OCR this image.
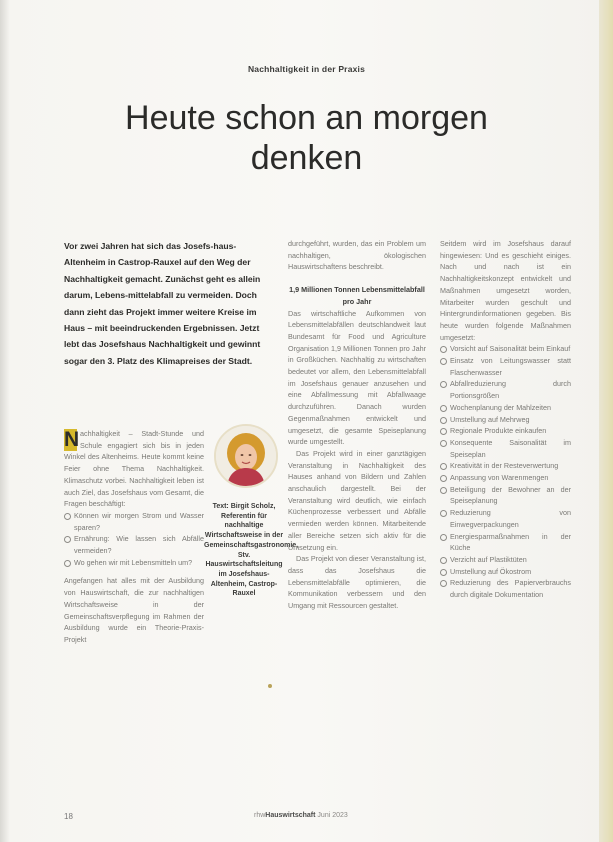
Nachhaltigkeit in der Praxis
Heute schon an morgen
denken
Vor zwei Jahren hat sich das Josefs-haus-Altenheim in Castrop-Rauxel auf den Weg der Nachhaltigkeit gemacht. Zunächst geht es allein darum, Lebens-mittelabfall zu vermeiden. Doch dann zieht das Projekt immer weitere Kreise im Haus – mit beeindruckenden Ergebnissen. Jetzt lebt das Josefshaus Nachhaltigkeit und gewinnt sogar den 3. Platz des Klimapreises der Stadt.

N achhaltigkeit – Stadt-Stunde und Schule engagiert sich bis in jeden Winkel des Altenheims. Heute kommt keine Feier ohne Thema Nachhaltigkeit. Klimaschutz vorbei. Nachhaltigkeit leben ist auch Ziel, das Josefshaus vom Gesamt, die Fragen beschäftigt:

Können wir morgen Strom und Wasser sparen?
Ernährung: Wie lassen sich Abfälle vermeiden?
Wo gehen wir mit Lebensmitteln um?

Angefangen hat alles mit der Ausbildung von Hauswirtschaft, die zur nachhaltigen Wirtschaftsweise in der Gemeinschaftsverpflegung im Rahmen der Ausbildung wurde ein Theorie-Praxis-Projekt

Text: Birgit Scholz, Referentin für nachhaltige Wirtschaftsweise in der Gemeinschaftsgastronomie, Stv. Hauswirtschaftsleitung im Josefshaus-Altenheim, Castrop-Rauxel

durchgeführt, wurden, das ein Problem um nachhaltigen, ökologischen Hauswirtschaftens beschreibt.

1,9 Millionen Tonnen Lebensmittelabfall pro Jahr

Das wirtschaftliche Aufkommen von Lebensmittelabfällen deutschlandweit laut Bundesamt für Food und Agriculture Organisation 1,9 Millionen Tonnen pro Jahr in Großküchen. Nachhaltig zu wirtschaften bedeutet vor allem, den Lebensmittelabfall im Josefshaus genauer anzusehen und eine Abfallmessung mit Abfallwaage durchzuführen. Danach wurden Gegenmaßnahmen entwickelt und umgesetzt, die gesamte Speiseplanung wurde umgestellt.

Das Projekt wird in einer ganztägigen Veranstaltung in Nachhaltigkeit des Hauses anhand von Bildern und Zahlen anschaulich dargestellt. Bei der Veranstaltung wird deutlich, wie einfach Küchenprozesse verbessert und Abfälle vermieden werden können. Mitarbeitende aller Bereiche setzen sich aktiv für die Umsetzung ein.

Das Projekt von dieser Veranstaltung ist, dass das Josefshaus die Lebensmittelabfälle optimieren, die Kommunikation verbessern und den Umgang mit Ressourcen gestaltet.

Seitdem wird im Josefshaus darauf hingewiesen: Und es geschieht einiges. Nach und nach ist ein Nachhaltigkeitskonzept entwickelt und Maßnahmen umgesetzt worden, Mitarbeiter wurden geschult und Hintergrundinformationen gegeben. Bis heute wurden folgende Maßnahmen umgesetzt:

Vorsicht auf Saisonalität beim Einkauf
Einsatz von Leitungswasser statt Flaschenwasser
Abfallreduzierung durch Portionsgrößen
Wochenplanung der Mahlzeiten
Umstellung auf Mehrweg
Regionale Produkte einkaufen
Konsequente Saisonalität im Speiseplan
Kreativität in der Resteverwertung
Anpassung von Warenmengen
Beteiligung der Bewohner an der Speiseplanung
Reduzierung von Einwegverpackungen
Energiesparmaßnahmen in der Küche
Verzicht auf Plastiktüten
Umstellung auf Ökostrom
Reduzierung des Papierverbrauchs durch digitale Dokumentation
18	rhwHauswirtschaft Juni 2023
